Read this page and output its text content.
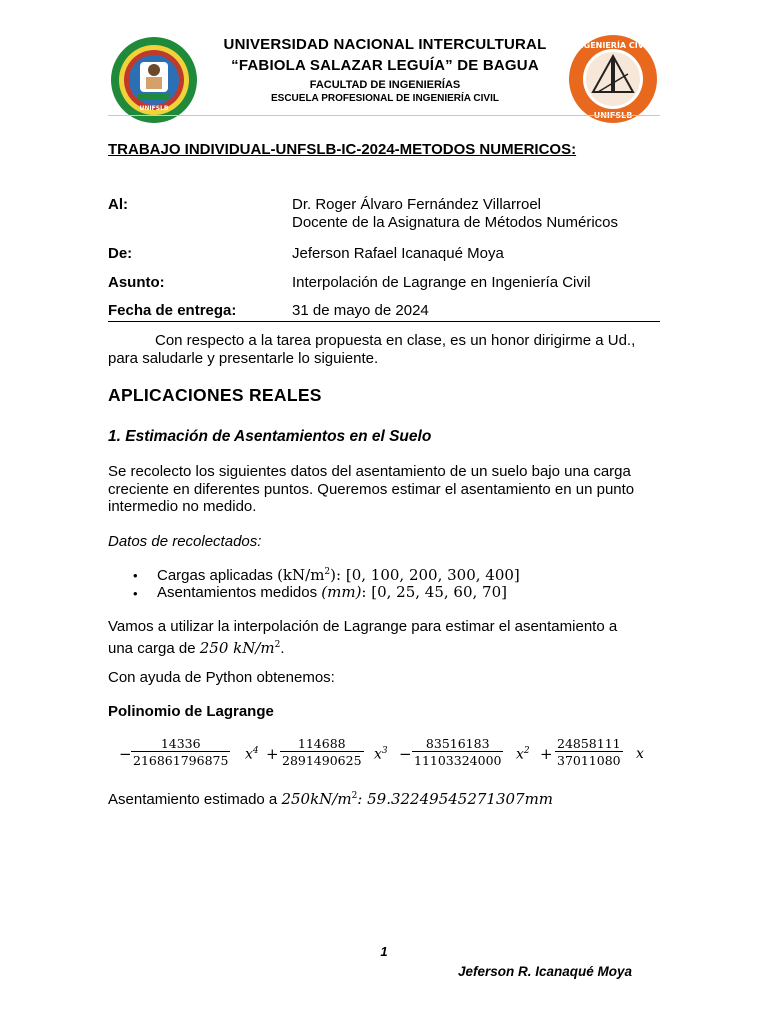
UNIFSLB
INGENIERÍA CIVIL
UNIFSLB
UNIVERSIDAD NACIONAL INTERCULTURAL
“FABIOLA SALAZAR LEGUÍA” DE BAGUA
FACULTAD DE INGENIERÍAS
ESCUELA PROFESIONAL DE INGENIERÍA CIVIL
TRABAJO INDIVIDUAL-UNFSLB-IC-2024-METODOS NUMERICOS:
Al:	Dr. Roger Álvaro Fernández Villarroel
Docente de la Asignatura de Métodos Numéricos
De:	Jeferson Rafael Icanaqué Moya
Asunto:	Interpolación de Lagrange en Ingeniería Civil
Fecha de entrega:	31 de mayo de 2024
Con respecto a la tarea propuesta en clase, es un honor dirigirme a Ud.,
para saludarle y presentarle lo siguiente.
APLICACIONES REALES
1. Estimación de Asentamientos en el Suelo
Se recolecto los siguientes datos del asentamiento de un suelo bajo una carga
creciente en diferentes puntos. Queremos estimar el asentamiento en un punto
intermedio no medido.
Datos de recolectados:
• Cargas aplicadas $(kN/m^2)$: [0, 100, 200, 300, 400]
• Asentamientos medidos (mm): [0, 25, 45, 60, 70]
Vamos a utilizar la interpolación de Lagrange para estimar el asentamiento a
una carga de 250 $kN/m^2$.
Con ayuda de Python obtenemos:
Polinomio de Lagrange
− $\frac{14336}{216861796875} x^4 + \frac{114688}{2891490625} x^3 - \frac{83516183}{11103324000} x^2 + \frac{24858111}{37011080}$ x
Asentamiento estimado a $250kN/m^2$: 59.32249545271307mm
1
Jeferson R. Icanaqué Moya
